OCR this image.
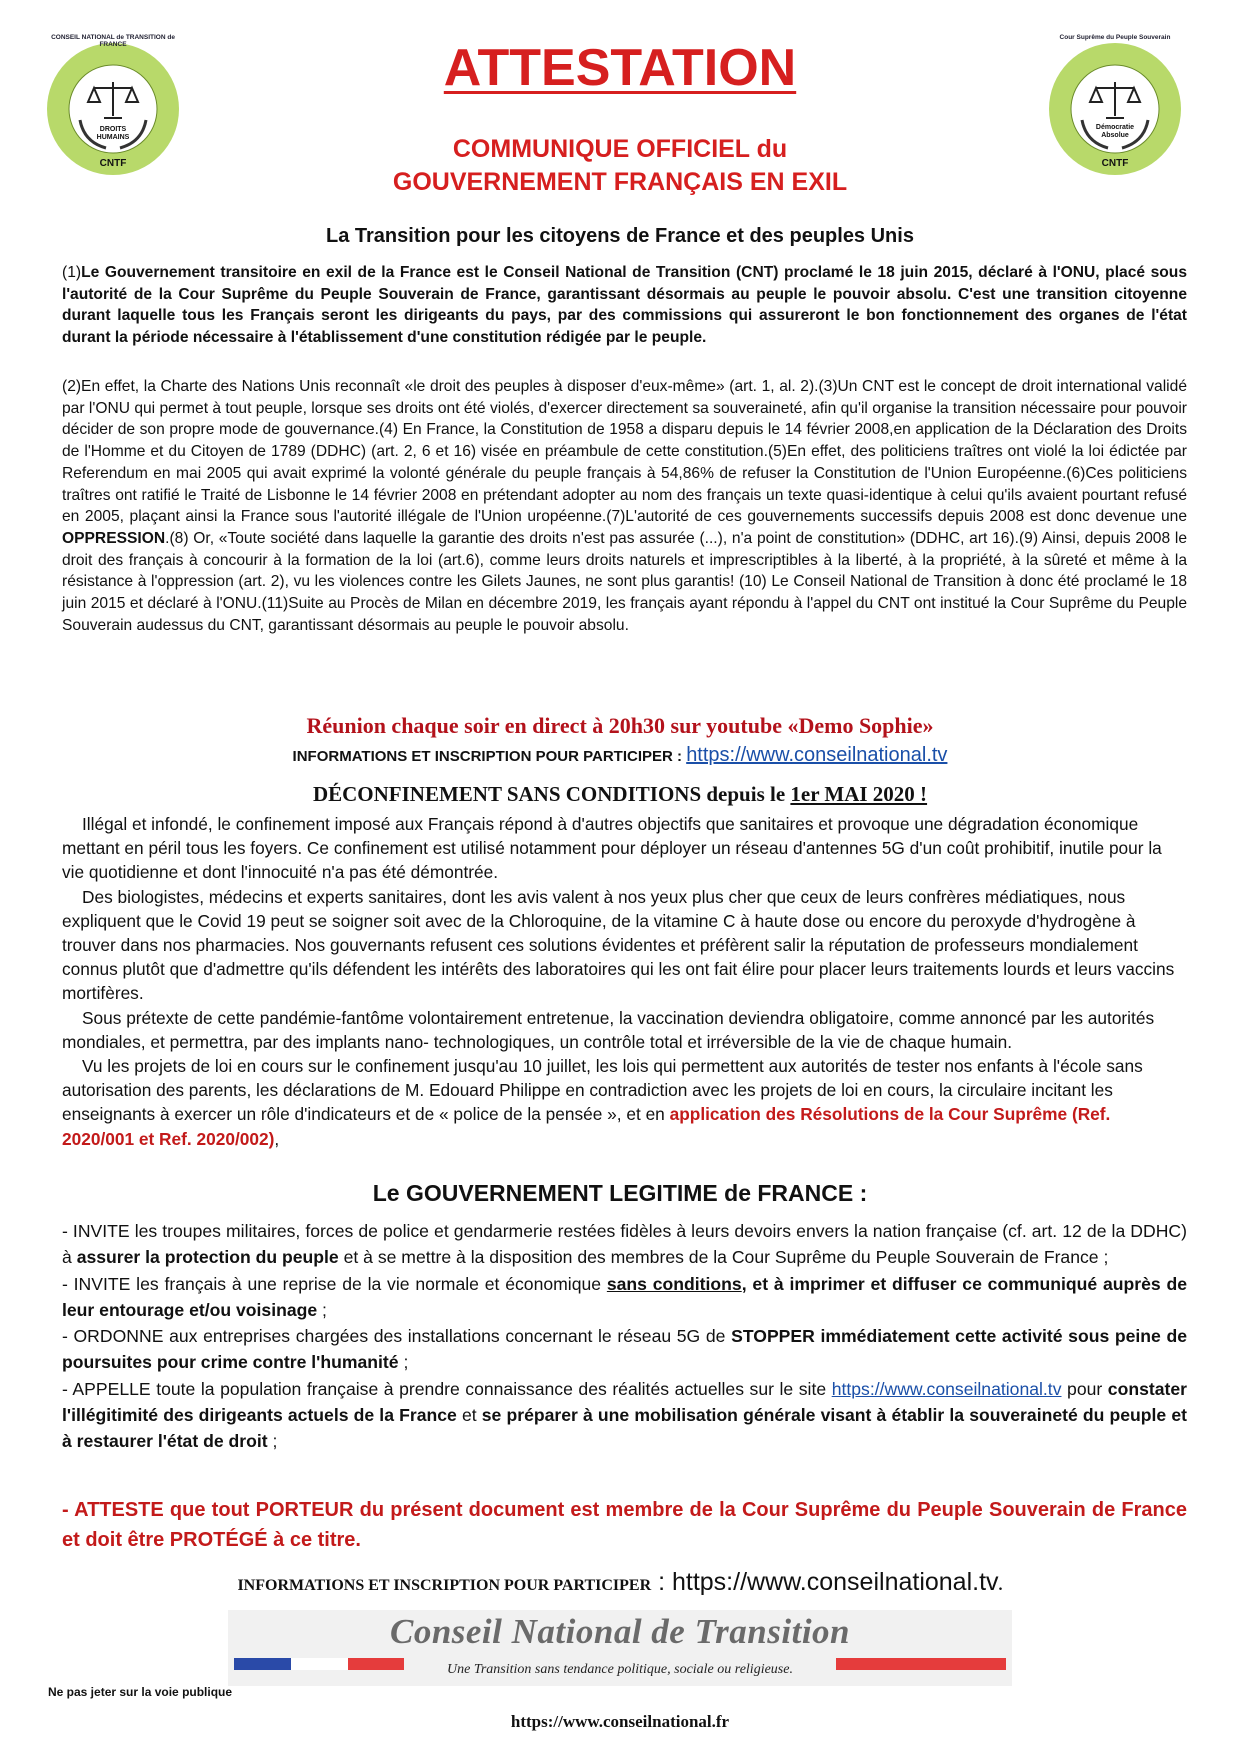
DROITS HUMAINS
CNTF
CONSEIL NATIONAL de TRANSITION de FRANCE
Démocratie Absolue
CNTF
Cour Suprême du Peuple Souverain
ATTESTATION
COMMUNIQUE OFFICIEL du
GOUVERNEMENT FRANÇAIS EN EXIL
La Transition pour les citoyens de France et des peuples Unis
(1)Le Gouvernement transitoire en exil de la France est le Conseil National de Transition (CNT) proclamé le 18 juin 2015, déclaré à l'ONU, placé sous l'autorité de la Cour Suprême du Peuple Souverain de France, garantissant désormais au peuple le pouvoir absolu. C'est une transition citoyenne durant laquelle tous les Français seront les dirigeants du pays, par des commissions qui assureront le bon fonctionnement des organes de l'état durant la période nécessaire à l'établissement d'une constitution rédigée par le peuple.
(2)En effet, la Charte des Nations Unis reconnaît «le droit des peuples à disposer d'eux-même» (art. 1, al. 2).(3)Un CNT est le concept de droit international validé par l'ONU qui permet à tout peuple, lorsque ses droits ont été violés, d'exercer directement sa souveraineté, afin qu'il organise la transition nécessaire pour pouvoir décider de son propre mode de gouvernance.(4) En France, la Constitution de 1958 a disparu depuis le 14 février 2008,en application de la Déclaration des Droits de l'Homme et du Citoyen de 1789 (DDHC) (art. 2, 6 et 16) visée en préambule de cette constitution.(5)En effet, des politiciens traîtres ont violé la loi édictée par Referendum en mai 2005 qui avait exprimé la volonté générale du peuple français à 54,86% de refuser la Constitution de l'Union Européenne.(6)Ces politiciens traîtres ont ratifié le Traité de Lisbonne le 14 février 2008 en prétendant adopter au nom des français un texte quasi-identique à celui qu'ils avaient pourtant refusé en 2005, plaçant ainsi la France sous l'autorité illégale de l'Union uropéenne.(7)L'autorité de ces gouvernements successifs depuis 2008 est donc devenue une OPPRESSION.(8) Or, «Toute société dans laquelle la garantie des droits n'est pas assurée (...), n'a point de constitution» (DDHC, art 16).(9) Ainsi, depuis 2008 le droit des français à concourir à la formation de la loi (art.6), comme leurs droits naturels et imprescriptibles à la liberté, à la propriété, à la sûreté et même à la résistance à l'oppression (art. 2), vu les violences contre les Gilets Jaunes, ne sont plus garantis! (10) Le Conseil National de Transition à donc été proclamé le 18 juin 2015 et déclaré à l'ONU.(11)Suite au Procès de Milan en décembre 2019, les français ayant répondu à l'appel du CNT ont institué la Cour Suprême du Peuple Souverain audessus du CNT, garantissant désormais au peuple le pouvoir absolu.
Réunion chaque soir en direct à 20h30 sur youtube «Demo Sophie»
INFORMATIONS ET INSCRIPTION POUR PARTICIPER : https://www.conseilnational.tv
DÉCONFINEMENT SANS CONDITIONS depuis le 1er MAI 2020 !

Illégal et infondé, le confinement imposé aux Français répond à d'autres objectifs que sanitaires et provoque une dégradation économique mettant en péril tous les foyers. Ce confinement est utilisé notamment pour déployer un réseau d'antennes 5G d'un coût prohibitif, inutile pour la vie quotidienne et dont l'innocuité n'a pas été démontrée.

Des biologistes, médecins et experts sanitaires, dont les avis valent à nos yeux plus cher que ceux de leurs confrères médiatiques, nous expliquent que le Covid 19 peut se soigner soit avec de la Chloroquine, de la vitamine C à haute dose ou encore du peroxyde d'hydrogène à trouver dans nos pharmacies. Nos gouvernants refusent ces solutions évidentes et préfèrent salir la réputation de professeurs mondialement connus plutôt que d'admettre qu'ils défendent les intérêts des laboratoires qui les ont fait élire pour placer leurs traitements lourds et leurs vaccins mortifères.

Sous prétexte de cette pandémie-fantôme volontairement entretenue, la vaccination deviendra obligatoire, comme annoncé par les autorités mondiales, et permettra, par des implants nano- technologiques, un contrôle total et irréversible de la vie de chaque humain.

Vu les projets de loi en cours sur le confinement jusqu'au 10 juillet, les lois qui permettent aux autorités de tester nos enfants à l'école sans autorisation des parents, les déclarations de M. Edouard Philippe en contradiction avec les projets de loi en cours, la circulaire incitant les enseignants à exercer un rôle d'indicateurs et de « police de la pensée », et en application des Résolutions de la Cour Suprême (Ref. 2020/001 et Ref. 2020/002),

Le GOUVERNEMENT LEGITIME de FRANCE :

- INVITE les troupes militaires, forces de police et gendarmerie restées fidèles à leurs devoirs envers la nation française (cf. art. 12 de la DDHC) à assurer la protection du peuple et à se mettre à la disposition des membres de la Cour Suprême du Peuple Souverain de France ;

- INVITE les français à une reprise de la vie normale et économique sans conditions, et à imprimer et diffuser ce communiqué auprès de leur entourage et/ou voisinage ;

- ORDONNE aux entreprises chargées des installations concernant le réseau 5G de STOPPER immédiatement cette activité sous peine de poursuites pour crime contre l'humanité ;

- APPELLE toute la population française à prendre connaissance des réalités actuelles sur le site https://www.conseilnational.tv pour constater l'illégitimité des dirigeants actuels de la France et se préparer à une mobilisation générale visant à établir la souveraineté du peuple et à restaurer l'état de droit ;

- ATTESTE que tout PORTEUR du présent document est membre de la Cour Suprême du Peuple Souverain de France et doit être PROTÉGÉ à ce titre.
INFORMATIONS ET INSCRIPTION POUR PARTICIPER : https://www.conseilnational.tv.
Conseil National de Transition
Une Transition sans tendance politique, sociale ou religieuse.
Ne pas jeter sur la voie publique
https://www.conseilnational.fr
